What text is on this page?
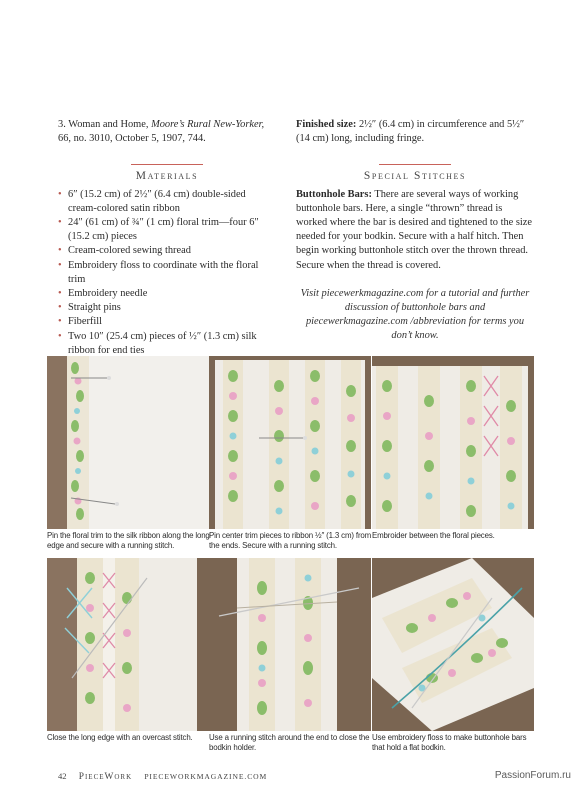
3. Woman and Home, Moore’s Rural New-Yorker, 66, no. 3010, October 5, 1907, 744.

Materials
• 6″ (15.2 cm) of 2½″ (6.4 cm) double-sided cream-colored satin ribbon
• 24″ (61 cm) of ¾″ (1 cm) floral trim—four 6″ (15.2 cm) pieces
• Cream-colored sewing thread
• Embroidery floss to coordinate with the floral trim
• Embroidery needle
• Straight pins
• Fiberfill
• Two 10″ (25.4 cm) pieces of ½″ (1.3 cm) silk ribbon for end ties

Finished size: 2½″ (6.4 cm) in circumference and 5½″ (14 cm) long, including fringe.

Special Stitches

Buttonhole Bars: There are several ways of working buttonhole bars. Here, a single “thrown” thread is worked where the bar is desired and tightened to the size needed for your bodkin. Secure with a half hitch. Then begin working buttonhole stitch over the thrown thread. Secure when the thread is covered.

Visit piecewerkmagazine.com for a tutorial and further discussion of buttonhole bars and piecewerkmagazine.com /abbreviation for terms you don’t know.

Pin the floral trim to the silk ribbon along the long edge and secure with a running stitch.
Pin center trim pieces to ribbon ½″ (1.3 cm) from the ends. Secure with a running stitch.
Embroider between the floral pieces.
Close the long edge with an overcast stitch.	Use a running stitch around the end to close the bodkin holder.
Use embroidery floss to make buttonhole bars that hold a flat bodkin.
42 PieceWork PIECEWORKMAGAZINE.COM	PassionForum.ru
